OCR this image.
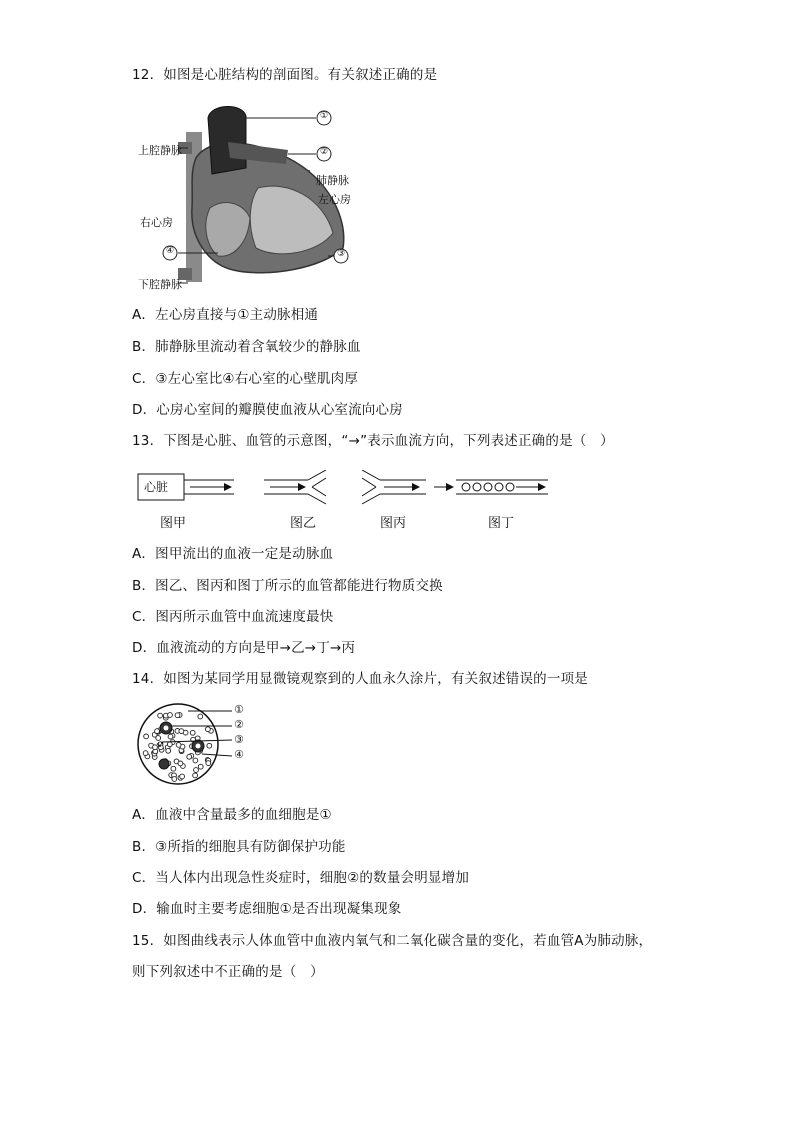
12．如图是心脏结构的剖面图。有关叙述正确的是
①
②
③
④
上腔静脉
肺静脉
左心房
右心房
下腔静脉
A．左心房直接与①主动脉相通
B．肺静脉里流动着含氧较少的静脉血
C．③左心室比④右心室的心壁肌肉厚
D．心房心室间的瓣膜使血液从心室流向心房
13．下图是心脏、血管的示意图，“→”表示血流方向，下列表述正确的是（　）
心脏
图甲	图乙	图丙	图丁
A．图甲流出的血液一定是动脉血
B．图乙、图丙和图丁所示的血管都能进行物质交换
C．图丙所示血管中血流速度最快
D．血液流动的方向是甲→乙→丁→丙
14．如图为某同学用显微镜观察到的人血永久涂片，有关叙述错误的一项是
①
②
③
④
A．血液中含量最多的血细胞是①
B．③所指的细胞具有防御保护功能
C．当人体内出现急性炎症时，细胞②的数量会明显增加
D．输血时主要考虑细胞①是否出现凝集现象
15．如图曲线表示人体血管中血液内氧气和二氧化碳含量的变化，若血管A为肺动脉，
则下列叙述中不正确的是（　）
